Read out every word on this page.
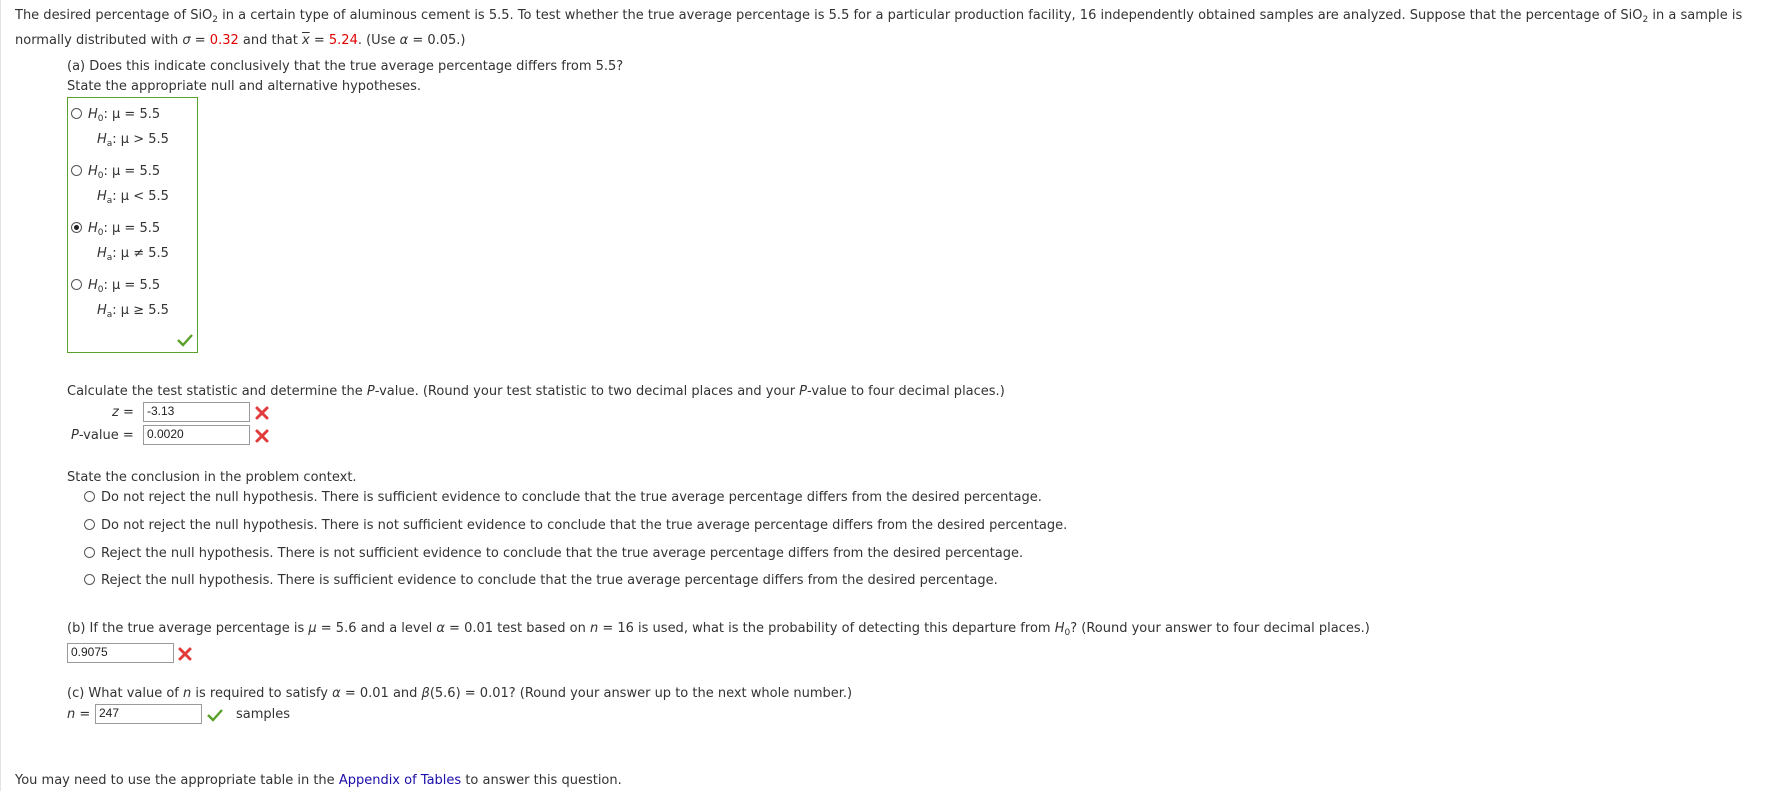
The desired percentage of SiO$_2$ in a certain type of aluminous cement is 5.5. To test whether the true average percentage is 5.5 for a particular production facility, 16 independently obtained samples are analyzed. Suppose that the percentage of SiO$_2$ in a sample is
normally distributed with σ = 0.32 and that $\overline{x} = 5.24$. (Use α = 0.05.)
(a) Does this indicate conclusively that the true average percentage differs from 5.5?
State the appropriate null and alternative hypotheses.
$H_0$: μ = 5.5
$H_a$: μ > 5.5
$H_0$: μ = 5.5
$H_a$: μ < 5.5
$H_0$: μ = 5.5
$H_a$: μ ≠ 5.5
$H_0$: μ = 5.5
$H_a$: μ ≥ 5.5
Calculate the test statistic and determine the P-value. (Round your test statistic to two decimal places and your P-value to four decimal places.)
z =	-3.13
P-value =	0.0020
State the conclusion in the problem context.
Do not reject the null hypothesis. There is sufficient evidence to conclude that the true average percentage differs from the desired percentage.
Do not reject the null hypothesis. There is not sufficient evidence to conclude that the true average percentage differs from the desired percentage.
Reject the null hypothesis. There is not sufficient evidence to conclude that the true average percentage differs from the desired percentage.
Reject the null hypothesis. There is sufficient evidence to conclude that the true average percentage differs from the desired percentage.
(b) If the true average percentage is μ = 5.6 and a level α = 0.01 test based on n = 16 is used, what is the probability of detecting this departure from $H_0$? (Round your answer to four decimal places.)
0.9075
(c) What value of n is required to satisfy α = 0.01 and β(5.6) = 0.01? (Round your answer up to the next whole number.)
n = 247	samples
You may need to use the appropriate table in the Appendix of Tables to answer this question.
